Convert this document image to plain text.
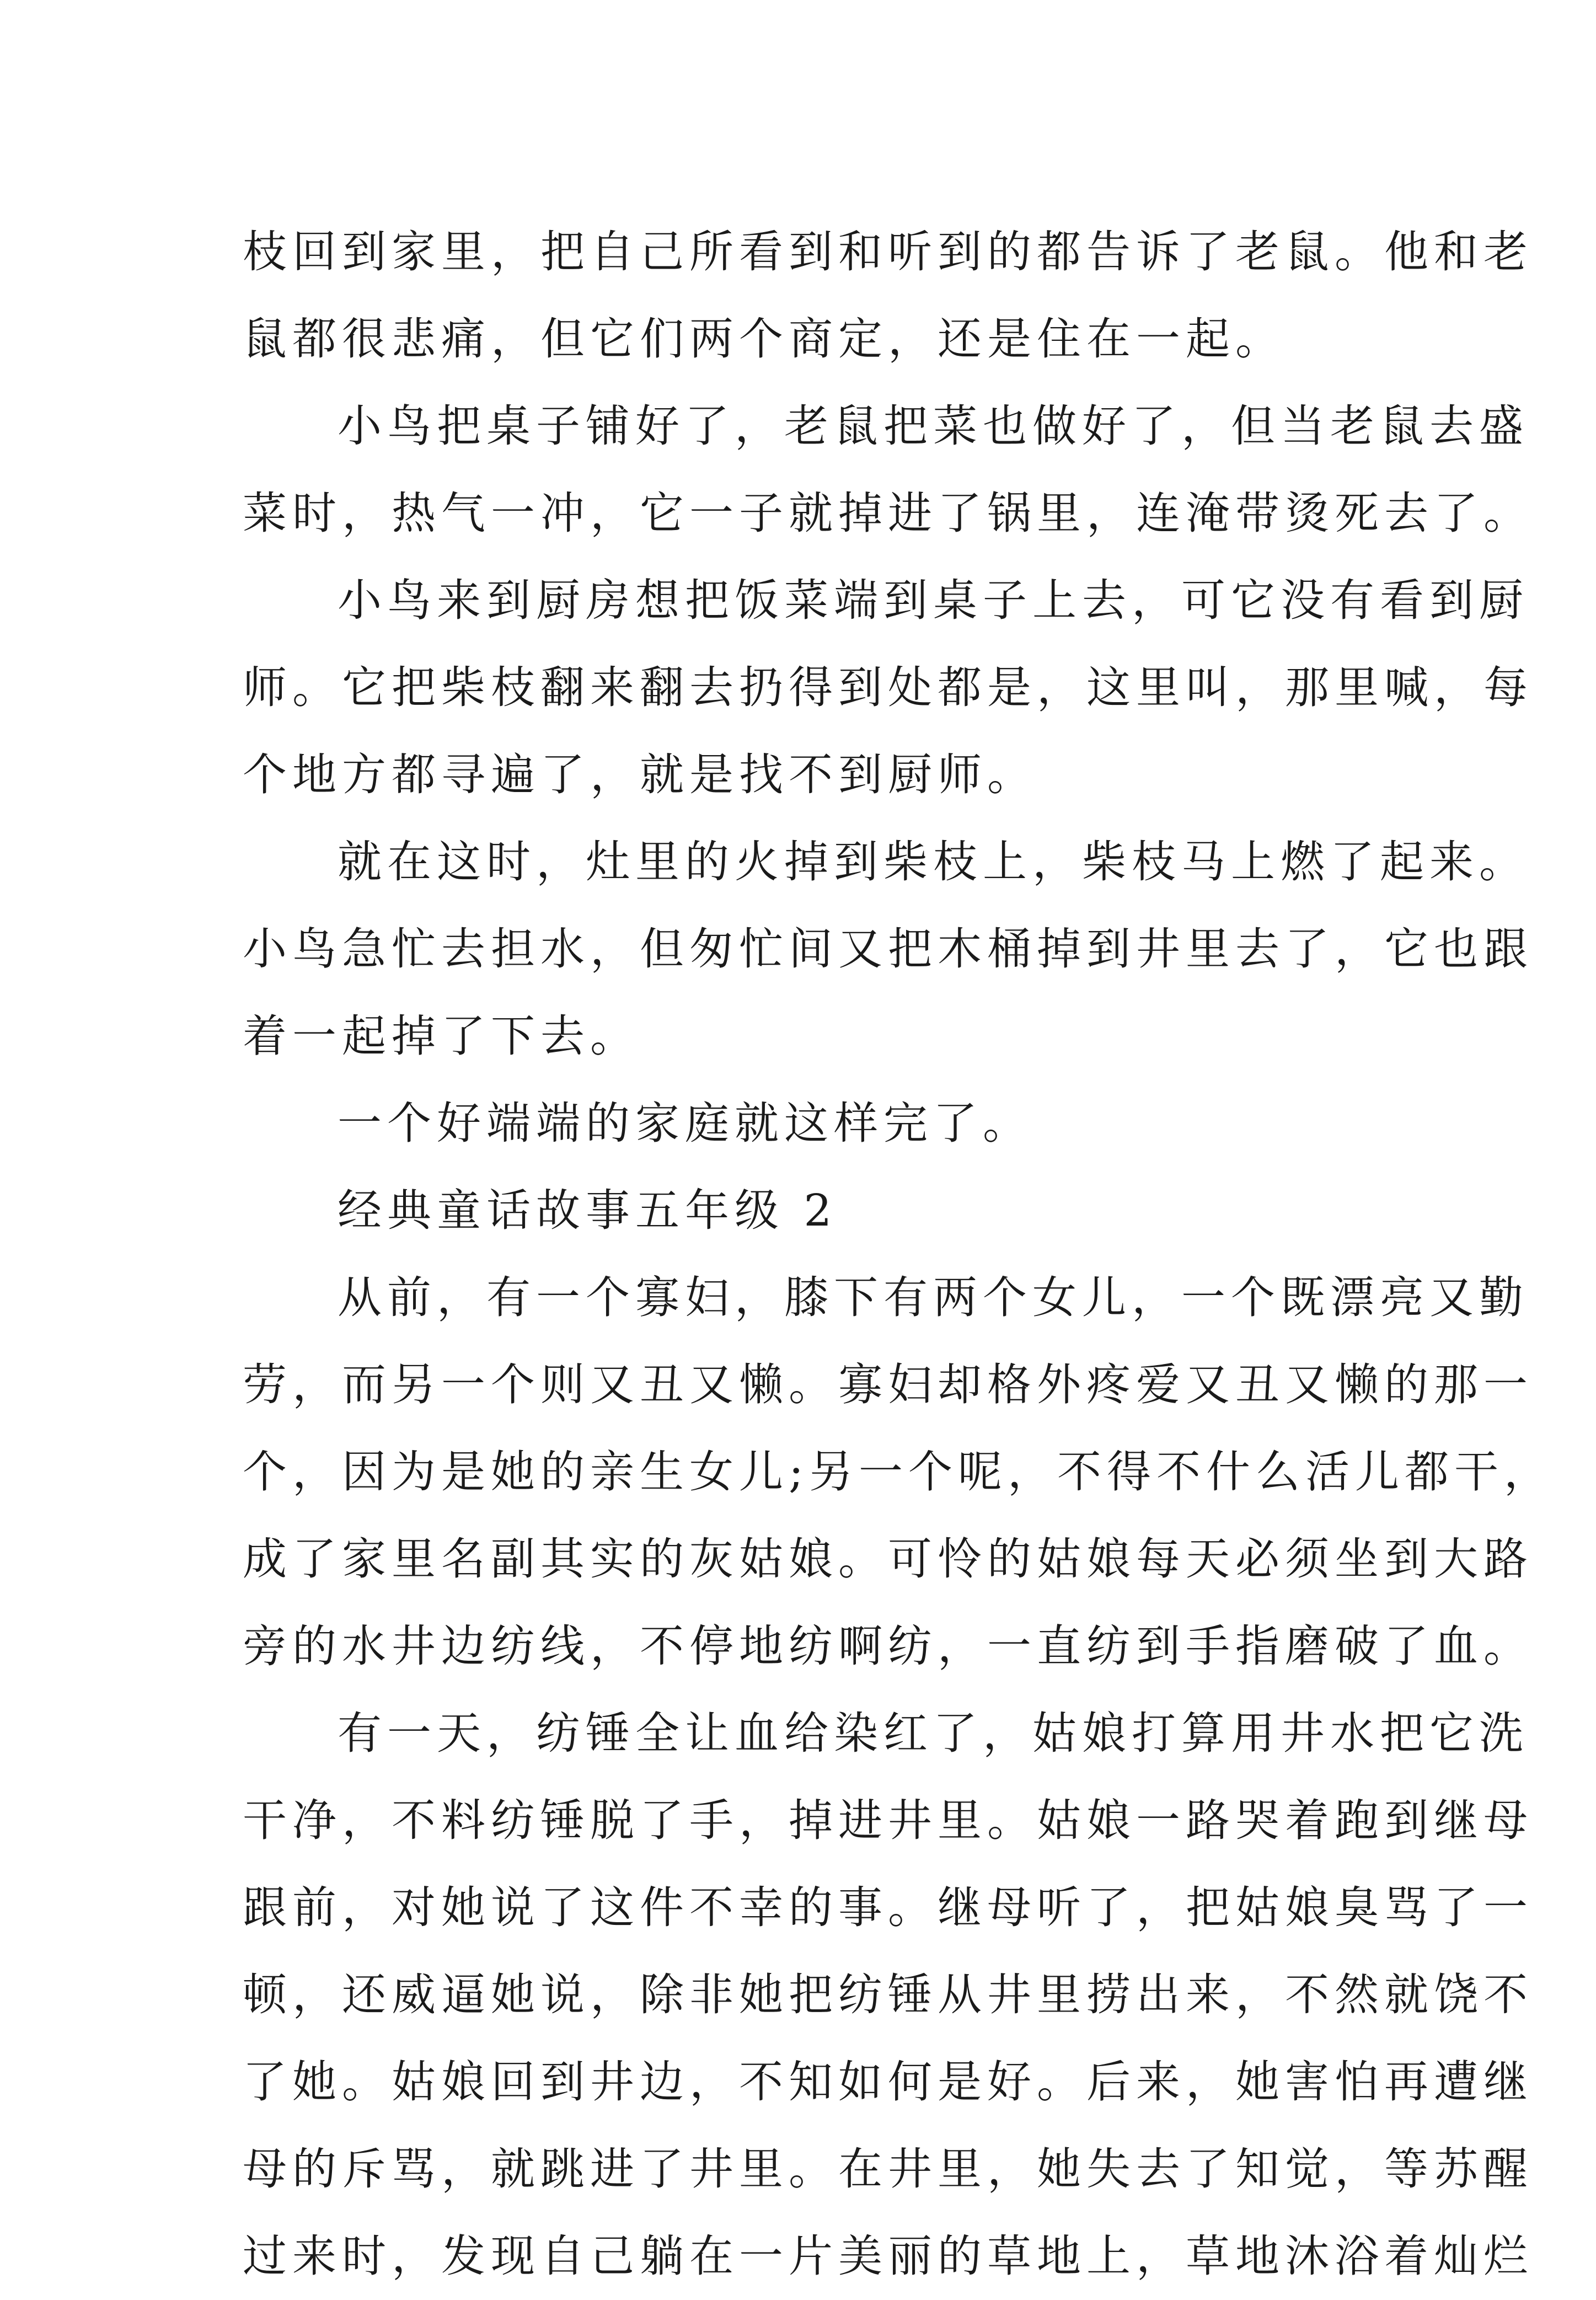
枝回到家里，把自己所看到和听到的都告诉了老鼠。他和老
鼠都很悲痛，但它们两个商定，还是住在一起。
小鸟把桌子铺好了，老鼠把菜也做好了，但当老鼠去盛
菜时，热气一冲，它一子就掉进了锅里，连淹带烫死去了。
小鸟来到厨房想把饭菜端到桌子上去，可它没有看到厨
师。它把柴枝翻来翻去扔得到处都是，这里叫，那里喊，每
个地方都寻遍了，就是找不到厨师。
就在这时，灶里的火掉到柴枝上，柴枝马上燃了起来。
小鸟急忙去担水，但匆忙间又把木桶掉到井里去了，它也跟
着一起掉了下去。
一个好端端的家庭就这样完了。
经典童话故事五年级 2
从前，有一个寡妇，膝下有两个女儿，一个既漂亮又勤
劳，而另一个则又丑又懒。寡妇却格外疼爱又丑又懒的那一
个，因为是她的亲生女儿;另一个呢，不得不什么活儿都干，
成了家里名副其实的灰姑娘。可怜的姑娘每天必须坐到大路
旁的水井边纺线，不停地纺啊纺，一直纺到手指磨破了血。
有一天，纺锤全让血给染红了，姑娘打算用井水把它洗
干净，不料纺锤脱了手，掉进井里。姑娘一路哭着跑到继母
跟前，对她说了这件不幸的事。继母听了，把姑娘臭骂了一
顿，还威逼她说，除非她把纺锤从井里捞出来，不然就饶不
了她。姑娘回到井边，不知如何是好。后来，她害怕再遭继
母的斥骂，就跳进了井里。在井里，她失去了知觉，等苏醒
过来时，发现自己躺在一片美丽的草地上，草地沐浴着灿烂
